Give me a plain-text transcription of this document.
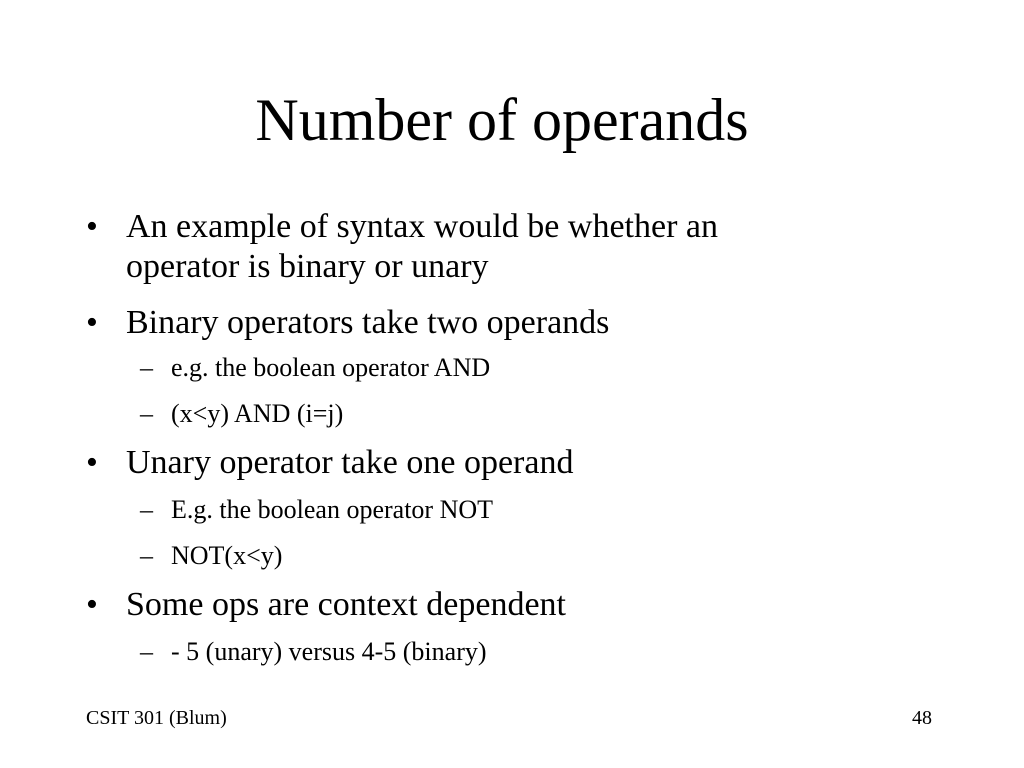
Number of operands
• An example of syntax would be whether an
operator is binary or unary
• Binary operators take two operands
– e.g. the boolean operator AND
– (x<y) AND (i=j)
• Unary operator take one operand
– E.g. the boolean operator NOT
– NOT(x<y)
• Some ops are context dependent
– - 5 (unary) versus 4-5 (binary)
CSIT 301 (Blum)	48
